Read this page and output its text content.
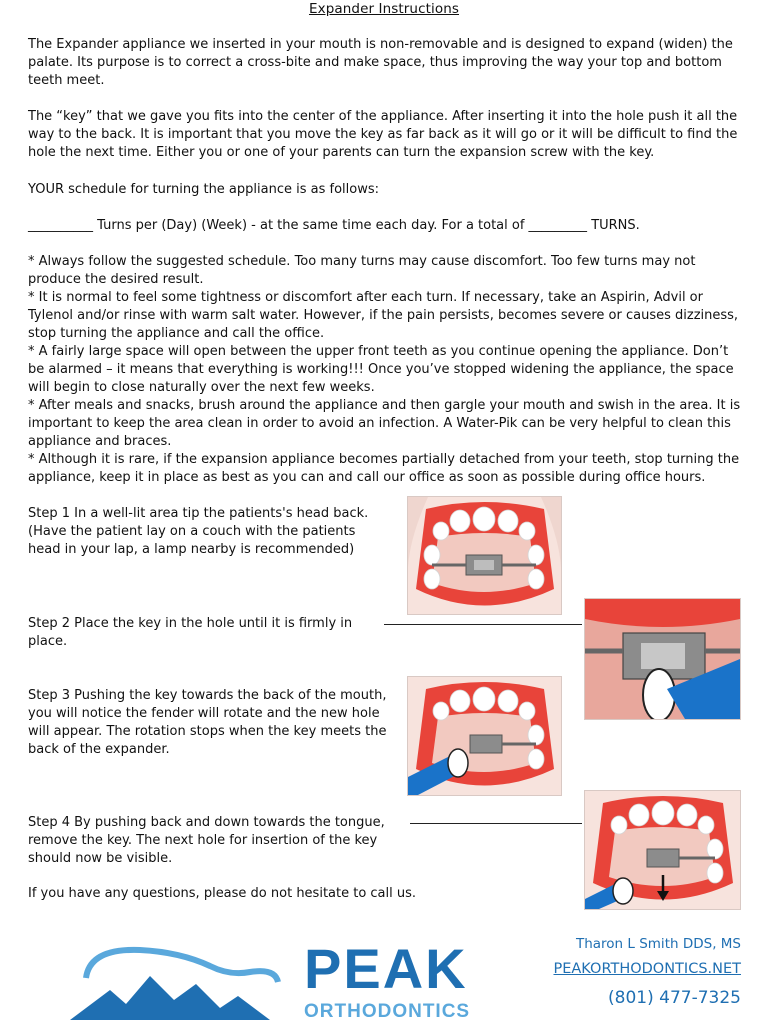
Expander Instructions
The Expander appliance we inserted in your mouth is non-removable and is designed to expand (widen) the palate. Its purpose is to correct a cross-bite and make space, thus improving the way your top and bottom teeth meet.
The “key” that we gave you fits into the center of the appliance. After inserting it into the hole push it all the way to the back. It is important that you move the key as far back as it will go or it will be difficult to find the hole the next time. Either you or one of your parents can turn the expansion screw with the key.
YOUR schedule for turning the appliance is as follows:
__________ Turns per (Day) (Week) - at the same time each day. For a total of _________ TURNS.
* Always follow the suggested schedule. Too many turns may cause discomfort. Too few turns may not produce the desired result.
* It is normal to feel some tightness or discomfort after each turn. If necessary, take an Aspirin, Advil or Tylenol and/or rinse with warm salt water. However, if the pain persists, becomes severe or causes dizziness, stop turning the appliance and call the office.
* A fairly large space will open between the upper front teeth as you continue opening the appliance. Don’t be alarmed – it means that everything is working!!! Once you’ve stopped widening the appliance, the space will begin to close naturally over the next few weeks.
* After meals and snacks, brush around the appliance and then gargle your mouth and swish in the area. It is important to keep the area clean in order to avoid an infection. A Water-Pik can be very helpful to clean this appliance and braces.
* Although it is rare, if the expansion appliance becomes partially detached from your teeth, stop turning the appliance, keep it in place as best as you can and call our office as soon as possible during office hours.
Step 1 In a well-lit area tip the patients's head back. (Have the patient lay on a couch with the patients head in your lap, a lamp nearby is recommended)
Step 2 Place the key in the hole until it is firmly in place.
Step 3 Pushing the key towards the back of the mouth, you will notice the fender will rotate and the new hole will appear. The rotation stops when the key meets the back of the expander.
Step 4 By pushing back and down towards the tongue, remove the key. The next hole for insertion of the key should now be visible.
If you have any questions, please do not hesitate to call us.
Tharon L Smith DDS, MS
PEAKORTHODONTICS.NET
(801) 477-7325
PEAK
ORTHODONTICS
